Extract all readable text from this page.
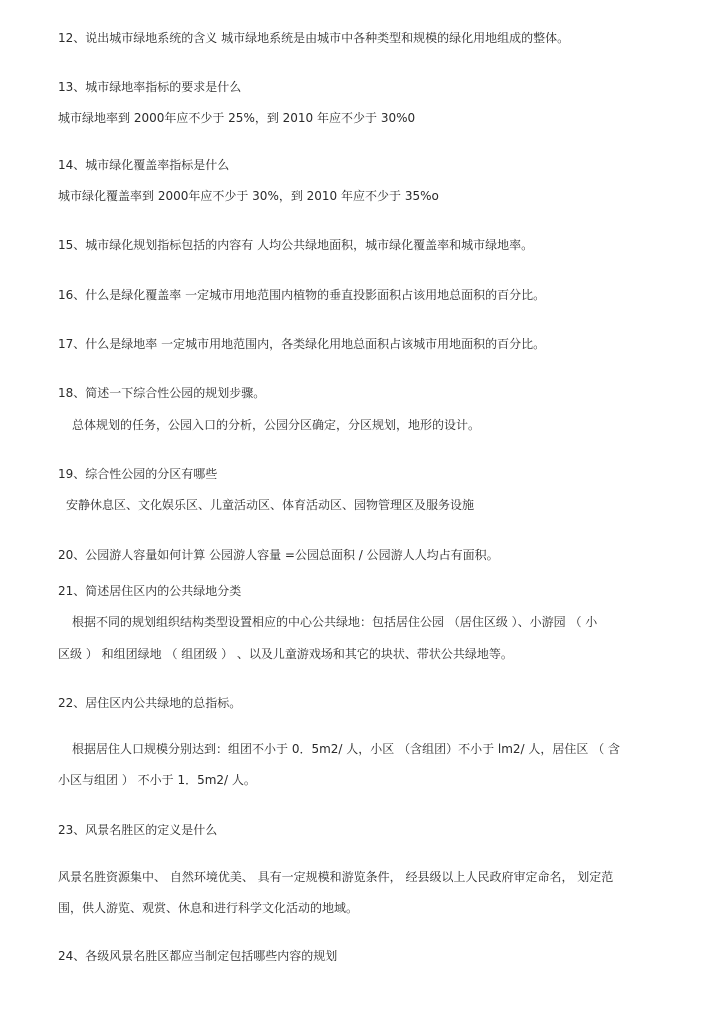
12、说出城市绿地系统的含义 城市绿地系统是由城市中各种类型和规模的绿化用地组成的整体。
13、城市绿地率指标的要求是什么
城市绿地率到 2000年应不少于 25%，到 2010 年应不少于 30%0
14、城市绿化覆盖率指标是什么
城市绿化覆盖率到 2000年应不少于 30%，到 2010 年应不少于 35%o
15、城市绿化规划指标包括的内容有 人均公共绿地面积，城市绿化覆盖率和城市绿地率。
16、什么是绿化覆盖率 一定城市用地范围内植物的垂直投影面积占该用地总面积的百分比。
17、什么是绿地率 一定城市用地范围内，各类绿化用地总面积占该城市用地面积的百分比。
18、简述一下综合性公园的规划步骤。
总体规划的任务，公园入口的分析，公园分区确定，分区规划，地形的设计。
19、综合性公园的分区有哪些
安静休息区、文化娱乐区、儿童活动区、体育活动区、园物管理区及服务设施
20、公园游人容量如何计算 公园游人容量 =公园总面积 / 公园游人人均占有面积。
21、简述居住区内的公共绿地分类
根据不同的规划组织结构类型设置相应的中心公共绿地：包括居住公园 （居住区级 ）、小游园 （ 小
区级 ） 和组团绿地 （ 组团级 ） 、以及儿童游戏场和其它的块状、带状公共绿地等。
22、居住区内公共绿地的总指标。
根据居住人口规模分别达到：组团不小于 0．5m2/ 人，小区 （含组团）不小于 lm2/ 人，居住区 （ 含
小区与组团 ） 不小于 1．5m2/ 人。
23、风景名胜区的定义是什么
风景名胜资源集中、 自然环境优美、 具有一定规模和游览条件， 经县级以上人民政府审定命名， 划定范
围，供人游览、观赏、休息和进行科学文化活动的地域。
24、各级风景名胜区都应当制定包括哪些内容的规划
